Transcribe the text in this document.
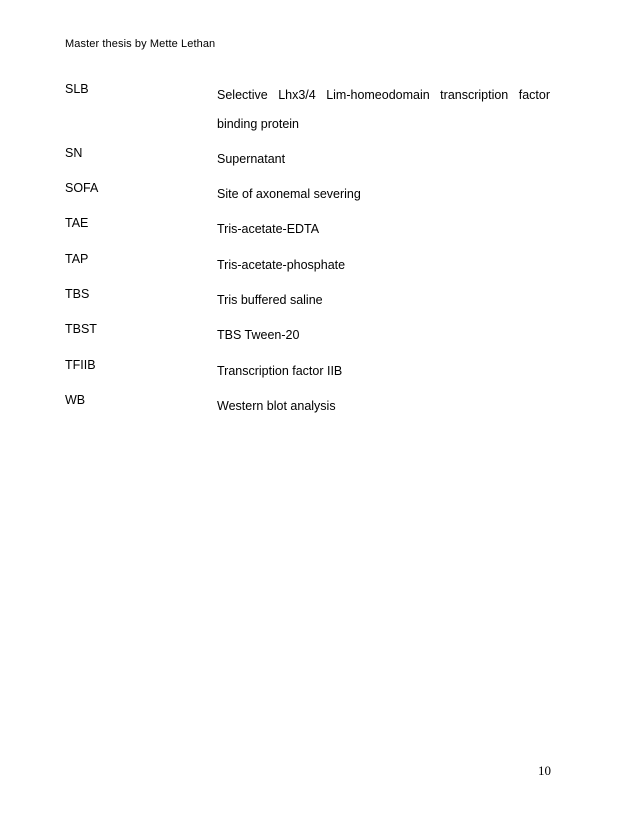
Master thesis by Mette Lethan
SLB	Selective Lhx3/4 Lim-homeodomain transcription factor binding protein
SN	Supernatant
SOFA	Site of axonemal severing
TAE	Tris-acetate-EDTA
TAP	Tris-acetate-phosphate
TBS	Tris buffered saline
TBST	TBS Tween-20
TFIIB	Transcription factor IIB
WB	Western blot analysis
10
